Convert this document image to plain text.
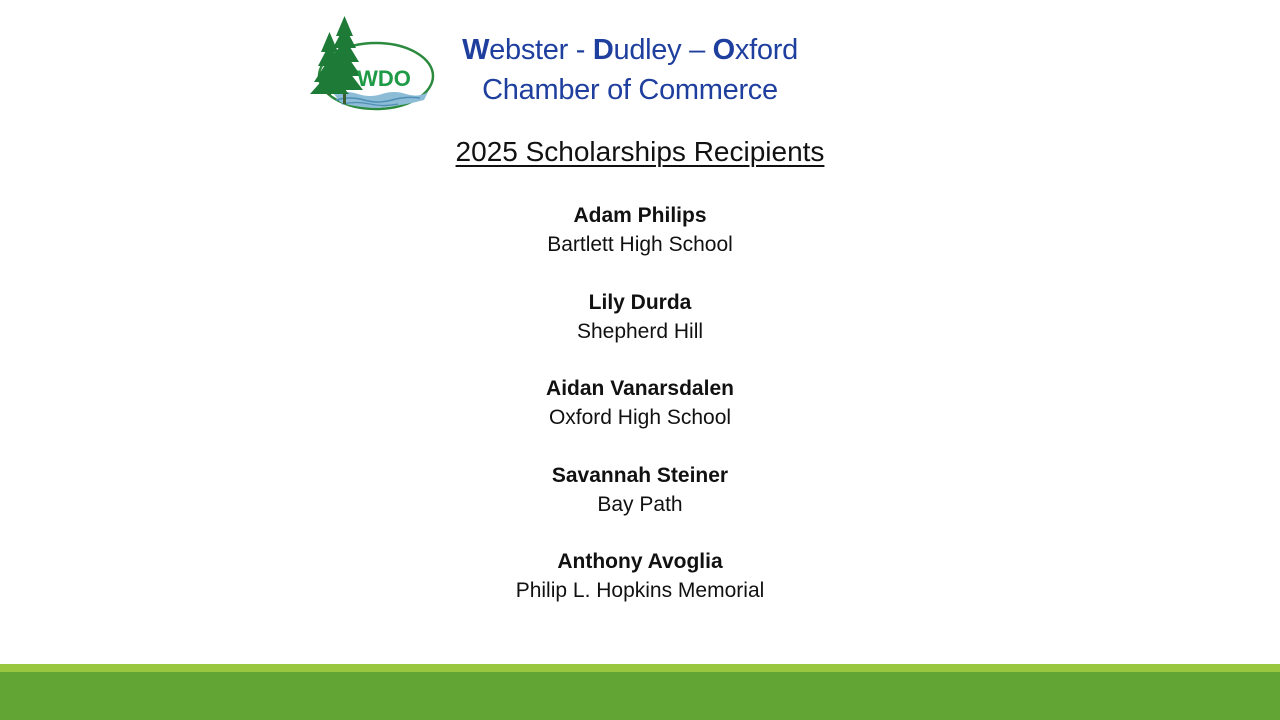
WDO
Webster - Dudley – Oxford
Chamber of Commerce
2025 Scholarships Recipients
Adam Philips
Bartlett High School
Lily Durda
Shepherd Hill
Aidan Vanarsdalen
Oxford High School
Savannah Steiner
Bay Path
Anthony Avoglia
Philip L. Hopkins Memorial
